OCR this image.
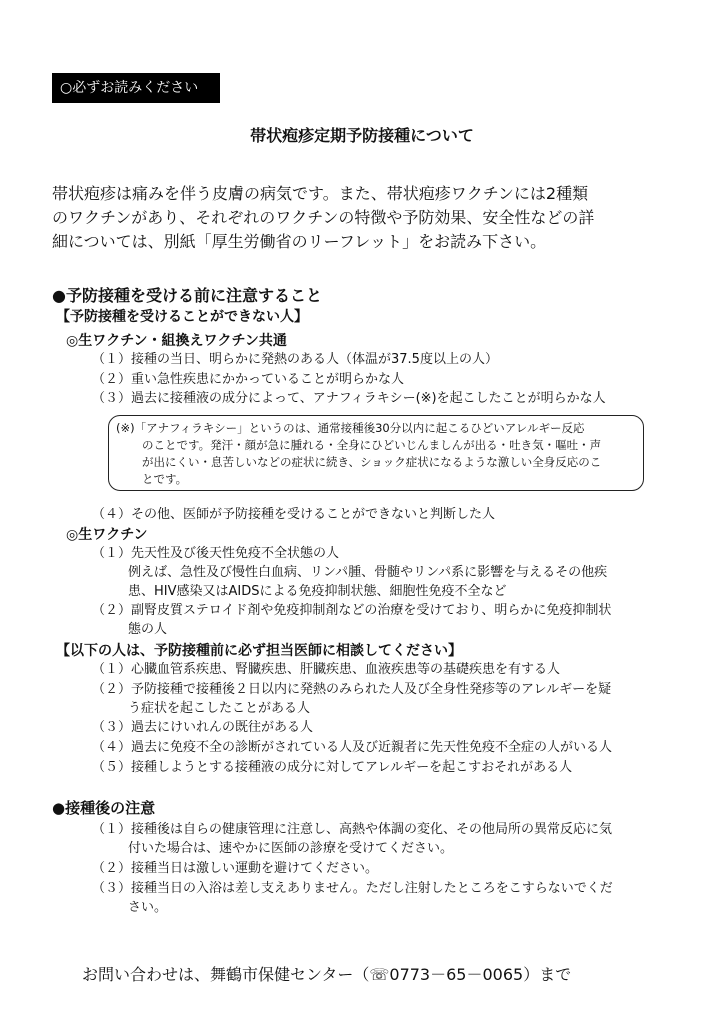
○必ずお読みください
帯状疱疹定期予防接種について
帯状疱疹は痛みを伴う皮膚の病気です。また、帯状疱疹ワクチンには2種類
のワクチンがあり、それぞれのワクチンの特徴や予防効果、安全性などの詳
細については、別紙「厚生労働省のリーフレット」をお読み下さい。
●予防接種を受ける前に注意すること
【予防接種を受けることができない人】
◎生ワクチン・組換えワクチン共通
（１）接種の当日、明らかに発熱のある人（体温が37.5度以上の人）
（２）重い急性疾患にかかっていることが明らかな人
（３）過去に接種液の成分によって、アナフィラキシー(※)を起こしたことが明らかな人
(※)「アナフィラキシー」というのは、通常接種後30分以内に起こるひどいアレルギー反応
のことです。発汗・顔が急に腫れる・全身にひどいじんましんが出る・吐き気・嘔吐・声
が出にくい・息苦しいなどの症状に続き、ショック症状になるような激しい全身反応のこ
とです。
（４）その他、医師が予防接種を受けることができないと判断した人
◎生ワクチン
（１）先天性及び後天性免疫不全状態の人
例えば、急性及び慢性白血病、リンパ腫、骨髄やリンパ系に影響を与えるその他疾
患、HIV感染又はAIDSによる免疫抑制状態、細胞性免疫不全など
（２）副腎皮質ステロイド剤や免疫抑制剤などの治療を受けており、明らかに免疫抑制状
態の人
【以下の人は、予防接種前に必ず担当医師に相談してください】
（１）心臓血管系疾患、腎臓疾患、肝臓疾患、血液疾患等の基礎疾患を有する人
（２）予防接種で接種後２日以内に発熱のみられた人及び全身性発疹等のアレルギーを疑
う症状を起こしたことがある人
（３）過去にけいれんの既往がある人
（４）過去に免疫不全の診断がされている人及び近親者に先天性免疫不全症の人がいる人
（５）接種しようとする接種液の成分に対してアレルギーを起こすおそれがある人
●接種後の注意
（１）接種後は自らの健康管理に注意し、高熱や体調の変化、その他局所の異常反応に気
付いた場合は、速やかに医師の診療を受けてください。
（２）接種当日は激しい運動を避けてください。
（３）接種当日の入浴は差し支えありません。ただし注射したところをこすらないでくだ
さい。
お問い合わせは、舞鶴市保健センター（☏0773－65－0065）まで
